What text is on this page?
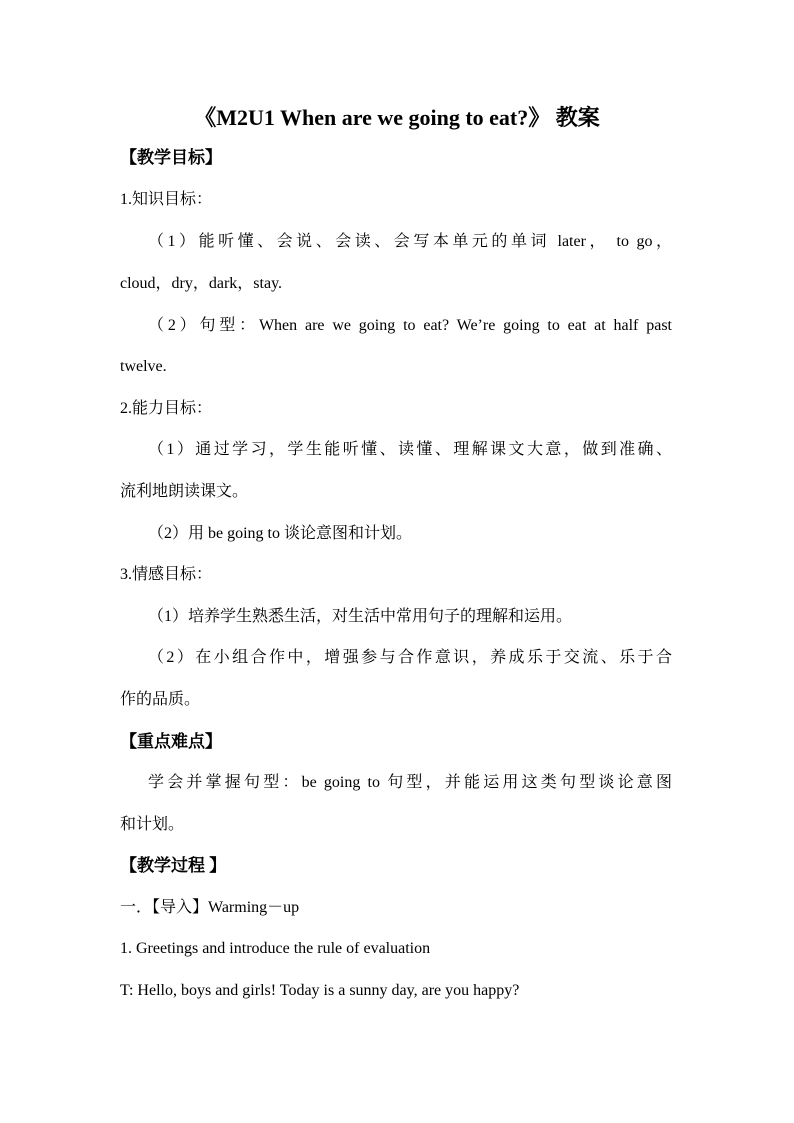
《M2U1 When are we going to eat?》 教案
【教学目标】
1.知识目标：
（1）能听懂、会说、会读、会写本单元的单词 later， to go，
cloud，dry，dark，stay.
（2）句型：When are we going to eat? We’re going to eat at half past
twelve.
2.能力目标：
（1）通过学习，学生能听懂、读懂、理解课文大意，做到准确、
流利地朗读课文。
（2）用 be going to 谈论意图和计划。
3.情感目标：
（1）培养学生熟悉生活，对生活中常用句子的理解和运用。
（2）在小组合作中，增强参与合作意识，养成乐于交流、乐于合
作的品质。
【重点难点】
学会并掌握句型：be going to 句型，并能运用这类句型谈论意图
和计划。
【教学过程 】
一．【导入】Warming－up
1. Greetings and introduce the rule of evaluation
T: Hello, boys and girls! Today is a sunny day, are you happy?
